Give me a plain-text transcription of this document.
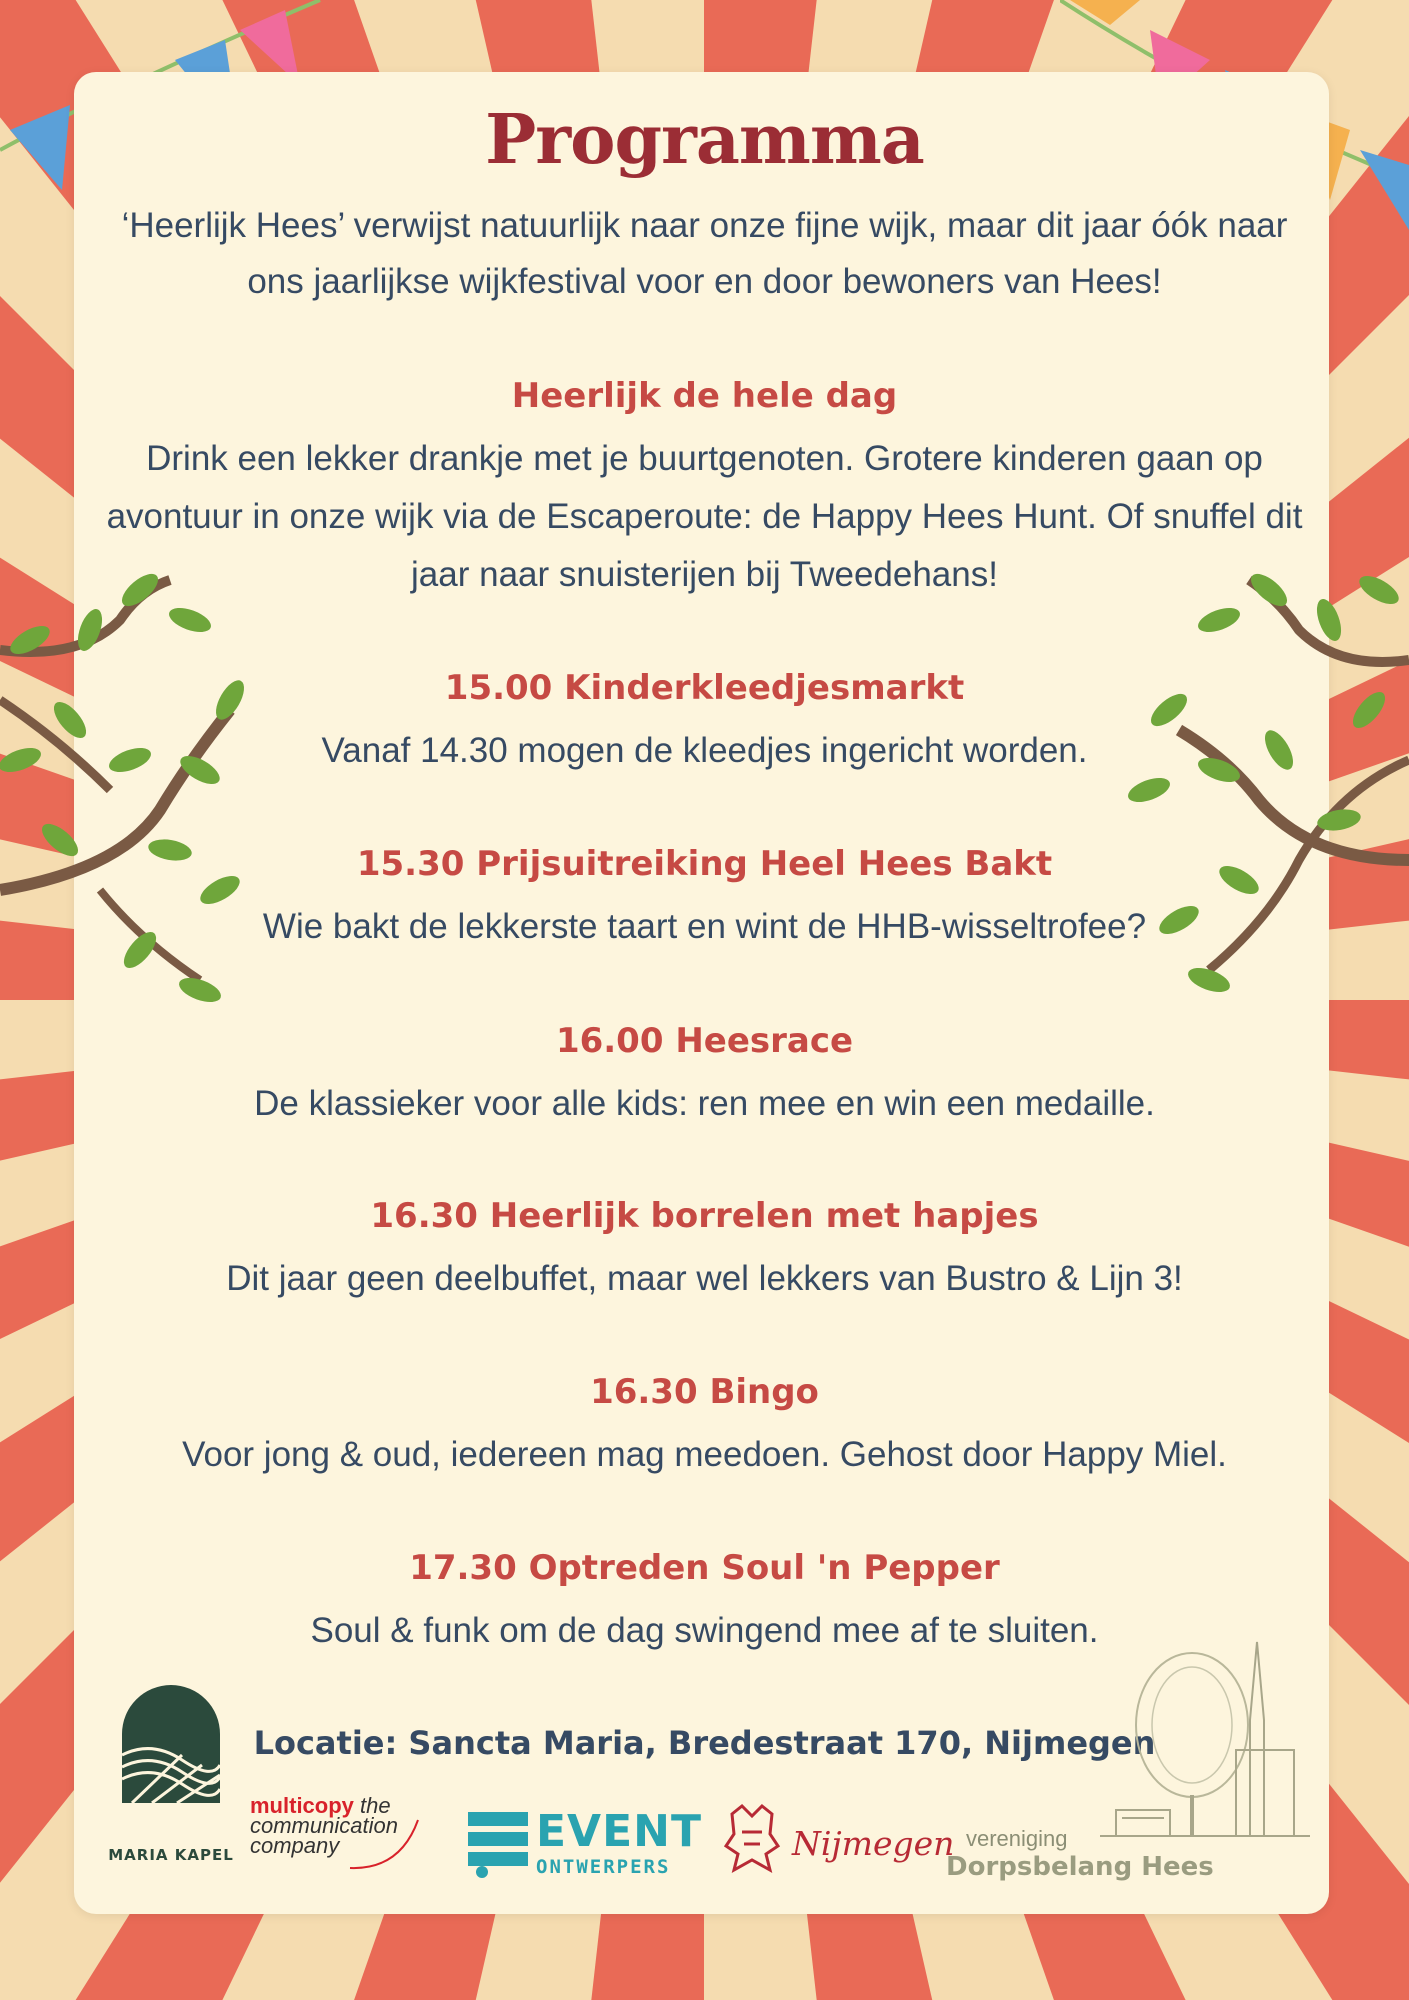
Programma
‘Heerlijk Hees’ verwijst natuurlijk naar onze fijne wijk, maar dit jaar óók naar ons jaarlijkse wijkfestival voor en door bewoners van Hees!
Heerlijk de hele dag

Drink een lekker drankje met je buurtgenoten. Grotere kinderen gaan op avontuur in onze wijk via de Escaperoute: de Happy Hees Hunt. Of snuffel dit jaar naar snuisterijen bij Tweedehans!

15.00 Kinderkleedjesmarkt

Vanaf 14.30 mogen de kleedjes ingericht worden.

15.30 Prijsuitreiking Heel Hees Bakt

Wie bakt de lekkerste taart en wint de HHB-wisseltrofee?

16.00 Heesrace

De klassieker voor alle kids: ren mee en win een medaille.

16.30 Heerlijk borrelen met hapjes

Dit jaar geen deelbuffet, maar wel lekkers van Bustro & Lijn 3!

16.30 Bingo

Voor jong & oud, iedereen mag meedoen. Gehost door Happy Miel.

17.30 Optreden Soul 'n Pepper

Soul & funk om de dag swingend mee af te sluiten.

Locatie: Sancta Maria, Bredestraat 170, Nijmegen
MARIA KAPEL
multicopy the
communication
company	EVENT
ONTWERPERS
Nijmegen vereniging
Dorpsbelang Hees
